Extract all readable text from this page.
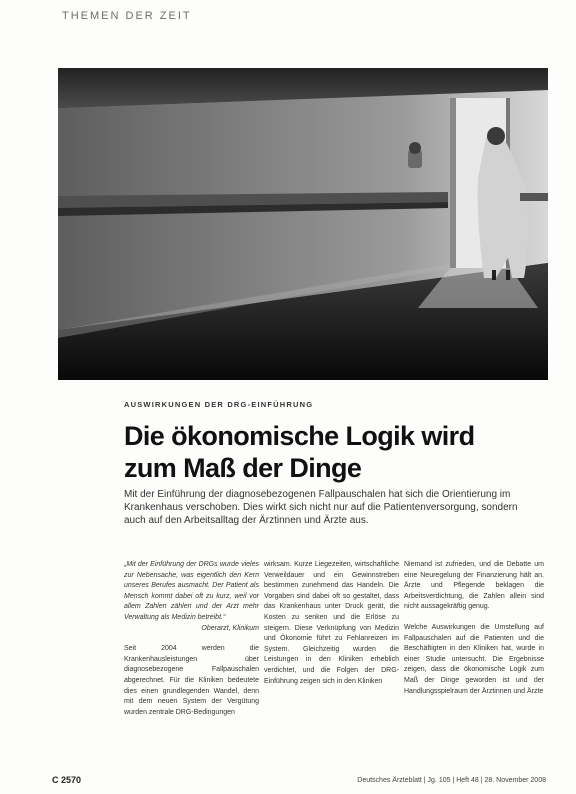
THEMEN DER ZEIT
AUSWIRKUNGEN DER DRG-EINFÜHRUNG
Die ökonomische Logik wird
zum Maß der Dinge
Mit der Einführung der diagnosebezogenen Fallpauschalen hat sich die Orientierung im Krankenhaus verschoben. Dies wirkt sich nicht nur auf die Patientenversorgung, sondern auch auf den Arbeitsalltag der Ärztinnen und Ärzte aus.

„Mit der Einführung der DRGs wurde vieles zur Nebensache, was eigentlich den Kern unseres Berufes ausmacht. Der Patient als Mensch kommt dabei oft zu kurz, weil vor allem Zahlen zählen und der Arzt mehr Verwaltung als Medizin betreibt.“
Oberarzt, Klinikum

Seit 2004 werden die Krankenhausleistungen über diagnosebezogene Fallpauschalen abgerechnet. Für die Kliniken bedeutete dies einen grundlegenden Wandel, denn mit dem neuen System der Vergütung wurden zentrale DRG-Bedingungen

wirksam. Kurze Liegezeiten, wirtschaftliche Verweildauer und ein Gewinnstreben bestimmen zunehmend das Handeln. Die Vorgaben sind dabei oft so gestaltet, dass das Krankenhaus unter Druck gerät, die Kosten zu senken und die Erlöse zu steigern. Diese Verknüpfung von Medizin und Ökonomie führt zu Fehlanreizen im System. Gleichzeitig wurden die Leistungen in den Kliniken erheblich verdichtet, und die Folgen der DRG-Einführung zeigen sich in den Kliniken

Niemand ist zufrieden, und die Debatte um eine Neuregelung der Finanzierung hält an. Ärzte und Pflegende beklagen die Arbeitsverdichtung, die Zahlen allein sind nicht aussagekräftig genug.

Welche Auswirkungen die Umstellung auf Fallpauschalen auf die Patienten und die Beschäftigten in den Kliniken hat, wurde in einer Studie untersucht. Die Ergebnisse zeigen, dass die ökonomische Logik zum Maß der Dinge geworden ist und der Handlungsspielraum der Ärztinnen und Ärzte

C 2570	Deutsches Ärzteblatt | Jg. 105 | Heft 48 | 28. November 2008
